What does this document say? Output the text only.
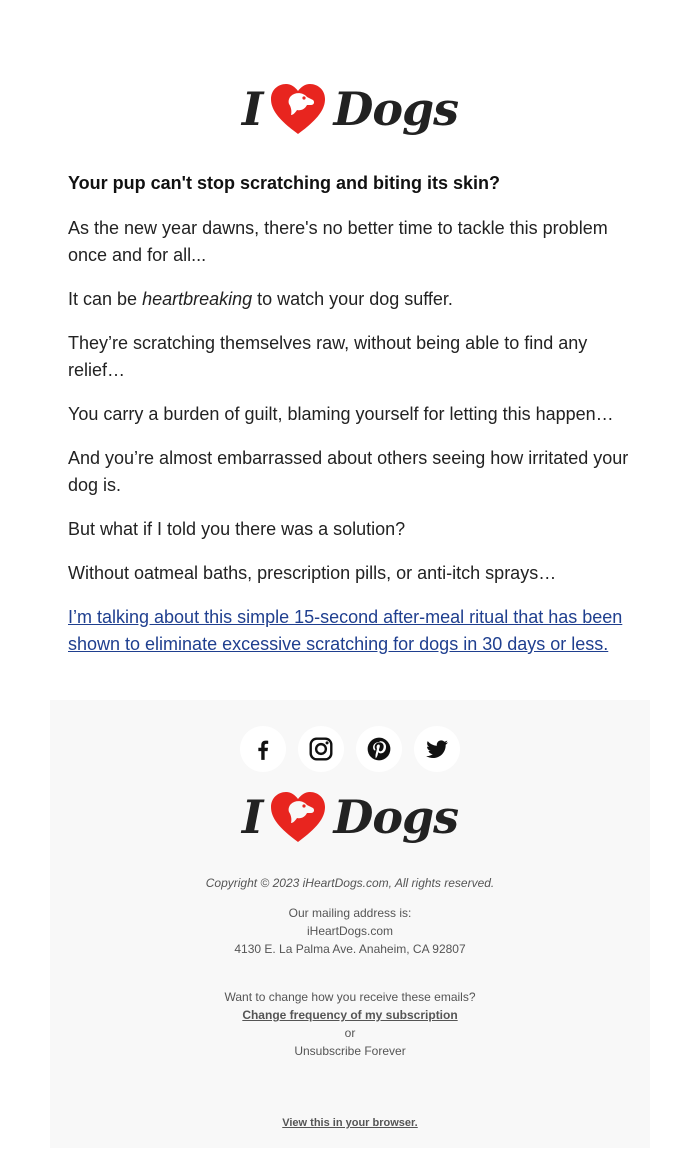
I Dogs

Your pup can't stop scratching and biting its skin?

As the new year dawns, there's no better time to tackle this problem once and for all...

It can be heartbreaking to watch your dog suffer.

They’re scratching themselves raw, without being able to find any relief…

You carry a burden of guilt, blaming yourself for letting this happen…

And you’re almost embarrassed about others seeing how irritated your dog is.

But what if I told you there was a solution?

Without oatmeal baths, prescription pills, or anti-itch sprays…

I’m talking about this simple 15-second after-meal ritual that has been shown to eliminate excessive scratching for dogs in 30 days or less.

I Dogs
Copyright © 2023 iHeartDogs.com, All rights reserved.
Our mailing address is:
iHeartDogs.com
4130 E. La Palma Ave. Anaheim, CA 92807
Want to change how you receive these emails?
Change frequency of my subscription
or
Unsubscribe Forever
View this in your browser.
